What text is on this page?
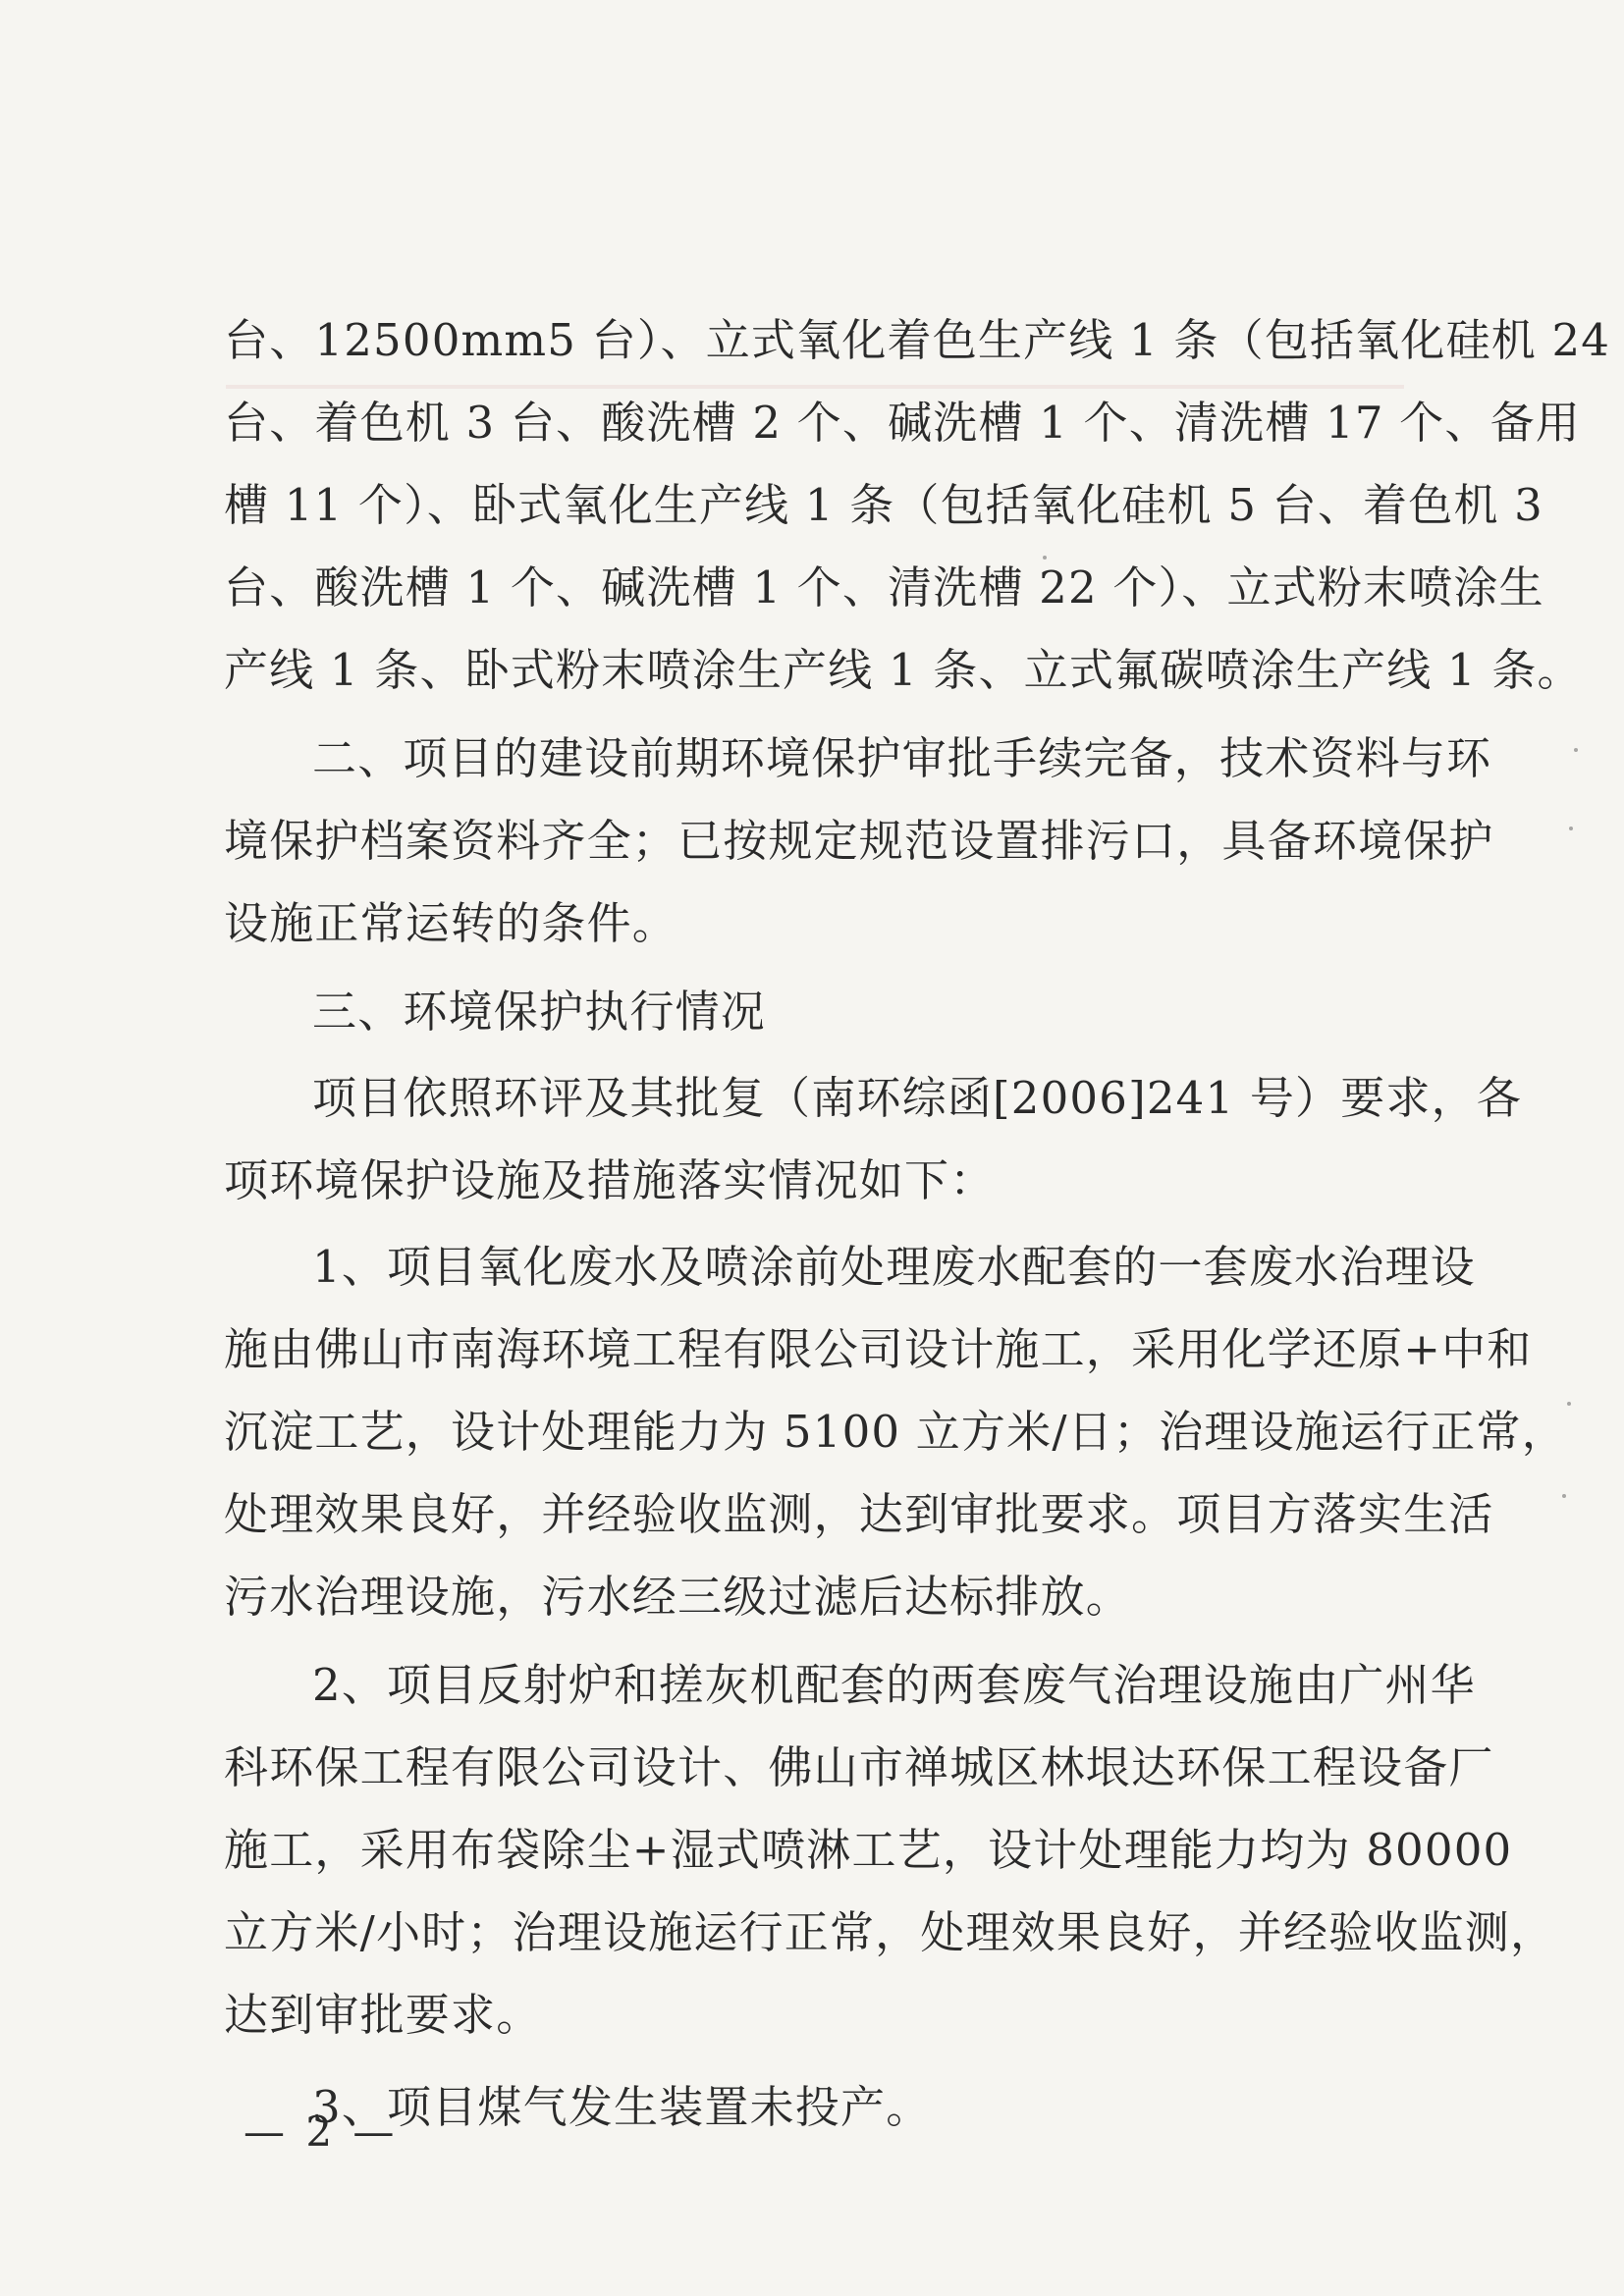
台、12500mm5 台）、立式氧化着色生产线 1 条（包括氧化硅机 24
台、着色机 3 台、酸洗槽 2 个、碱洗槽 1 个、清洗槽 17 个、备用
槽 11 个）、卧式氧化生产线 1 条（包括氧化硅机 5 台、着色机 3
台、酸洗槽 1 个、碱洗槽 1 个、清洗槽 22 个）、立式粉末喷涂生
产线 1 条、卧式粉末喷涂生产线 1 条、立式氟碳喷涂生产线 1 条。
二、项目的建设前期环境保护审批手续完备，技术资料与环
境保护档案资料齐全；已按规定规范设置排污口，具备环境保护
设施正常运转的条件。
三、环境保护执行情况
项目依照环评及其批复（南环综函[2006]241 号）要求，各
项环境保护设施及措施落实情况如下：
1、项目氧化废水及喷涂前处理废水配套的一套废水治理设
施由佛山市南海环境工程有限公司设计施工，采用化学还原+中和
沉淀工艺，设计处理能力为 5100 立方米/日；治理设施运行正常，
处理效果良好，并经验收监测，达到审批要求。项目方落实生活
污水治理设施，污水经三级过滤后达标排放。
2、项目反射炉和搓灰机配套的两套废气治理设施由广州华
科环保工程有限公司设计、佛山市禅城区林垠达环保工程设备厂
施工，采用布袋除尘+湿式喷淋工艺，设计处理能力均为 80000
立方米/小时；治理设施运行正常，处理效果良好，并经验收监测，
达到审批要求。
3、项目煤气发生装置未投产。
— 2 —
